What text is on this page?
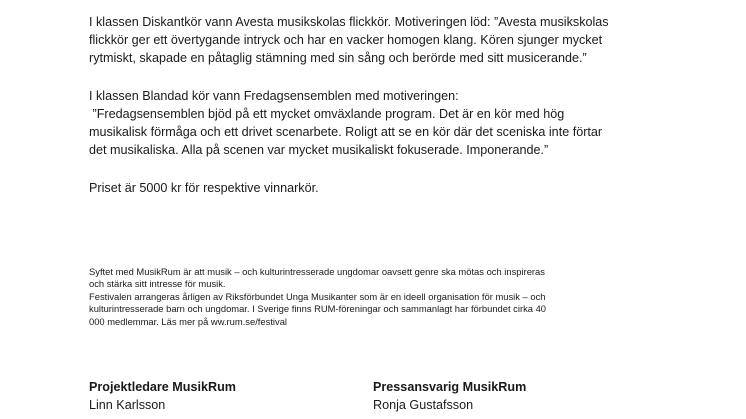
I klassen Diskantkör vann Avesta musikskolas flickkör. Motiveringen löd: ”Avesta musikskolas

flickkör ger ett övertygande intryck och har en vacker homogen klang. Kören sjunger mycket

rytmiskt, skapade en påtaglig stämning med sin sång och berörde med sitt musicerande.”

I klassen Blandad kör vann Fredagsensemblen med motiveringen:

”Fredagsensemblen bjöd på ett mycket omväxlande program. Det är en kör med hög

musikalisk förmåga och ett drivet scenarbete. Roligt att se en kör där det sceniska inte förtar

det musikaliska. Alla på scenen var mycket musikaliskt fokuserade. Imponerande.”

Priset är 5000 kr för respektive vinnarkör.

Syftet med MusikRum är att musik – och kulturintresserade ungdomar oavsett genre ska mötas och inspireras

och stärka sitt intresse för musik.

Festivalen arrangeras årligen av Riksförbundet Unga Musikanter som är en ideell organisation för musik – och

kulturintresserade barn och ungdomar. I Sverige finns RUM-föreningar och sammanlagt har förbundet cirka 40

000 medlemmar. Läs mer på ww.rum.se/festival

Projektledare MusikRum
Linn Karlsson
Pressansvarig MusikRum
Ronja Gustafsson
